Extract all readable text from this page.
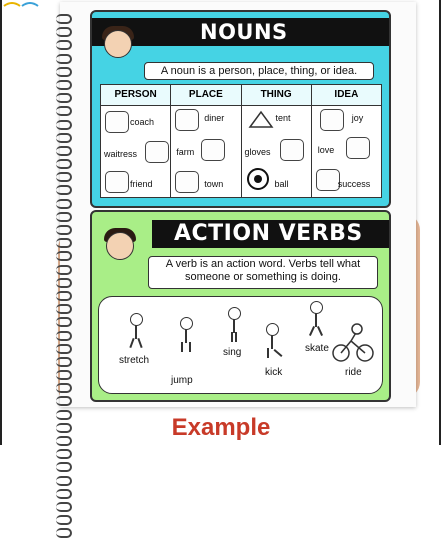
NOUNS
A noun is a person, place, thing, or idea.
PERSON
coach
waitress
friend
PLACE
diner
farm
town
THING
tent
gloves
ball
IDEA
joy
love
success
ACTION VERBS
A verb is an action word. Verbs tell what
someone or something is doing.
stretch
jump
sing
kick
skate
ride
Example
